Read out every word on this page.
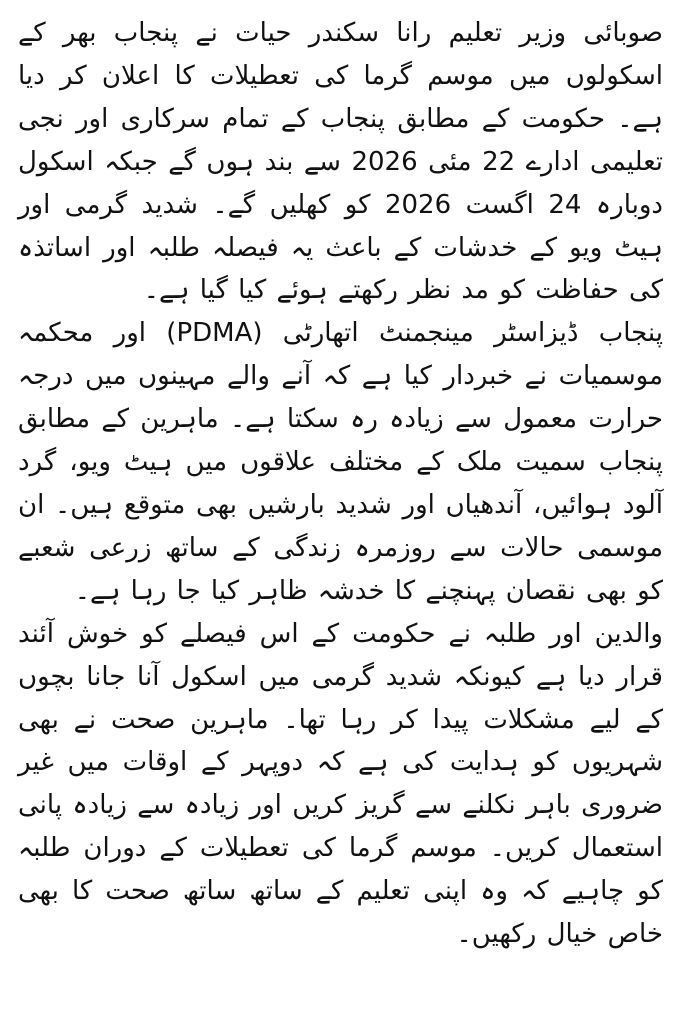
صوبائی وزیر تعلیم رانا سکندر حیات نے پنجاب بھر کے اسکولوں میں موسم گرما کی تعطیلات کا اعلان کر دیا ہے۔ حکومت کے مطابق پنجاب کے تمام سرکاری اور نجی تعلیمی ادارے 22 مئی 2026 سے بند ہوں گے جبکہ اسکول دوبارہ 24 اگست 2026 کو کھلیں گے۔ شدید گرمی اور ہیٹ ویو کے خدشات کے باعث یہ فیصلہ طلبہ اور اساتذہ کی حفاظت کو مد نظر رکھتے ہوئے کیا گیا ہے۔

پنجاب ڈیزاسٹر مینجمنٹ اتھارٹی (PDMA) اور محکمہ موسمیات نے خبردار کیا ہے کہ آنے والے مہینوں میں درجہ حرارت معمول سے زیادہ رہ سکتا ہے۔ ماہرین کے مطابق پنجاب سمیت ملک کے مختلف علاقوں میں ہیٹ ویو، گرد آلود ہوائیں، آندھیاں اور شدید بارشیں بھی متوقع ہیں۔ ان موسمی حالات سے روزمرہ زندگی کے ساتھ زرعی شعبے کو بھی نقصان پہنچنے کا خدشہ ظاہر کیا جا رہا ہے۔

والدین اور طلبہ نے حکومت کے اس فیصلے کو خوش آئند قرار دیا ہے کیونکہ شدید گرمی میں اسکول آنا جانا بچوں کے لیے مشکلات پیدا کر رہا تھا۔ ماہرین صحت نے بھی شہریوں کو ہدایت کی ہے کہ دوپہر کے اوقات میں غیر ضروری باہر نکلنے سے گریز کریں اور زیادہ سے زیادہ پانی استعمال کریں۔ موسم گرما کی تعطیلات کے دوران طلبہ کو چاہیے کہ وہ اپنی تعلیم کے ساتھ ساتھ صحت کا بھی خاص خیال رکھیں۔
